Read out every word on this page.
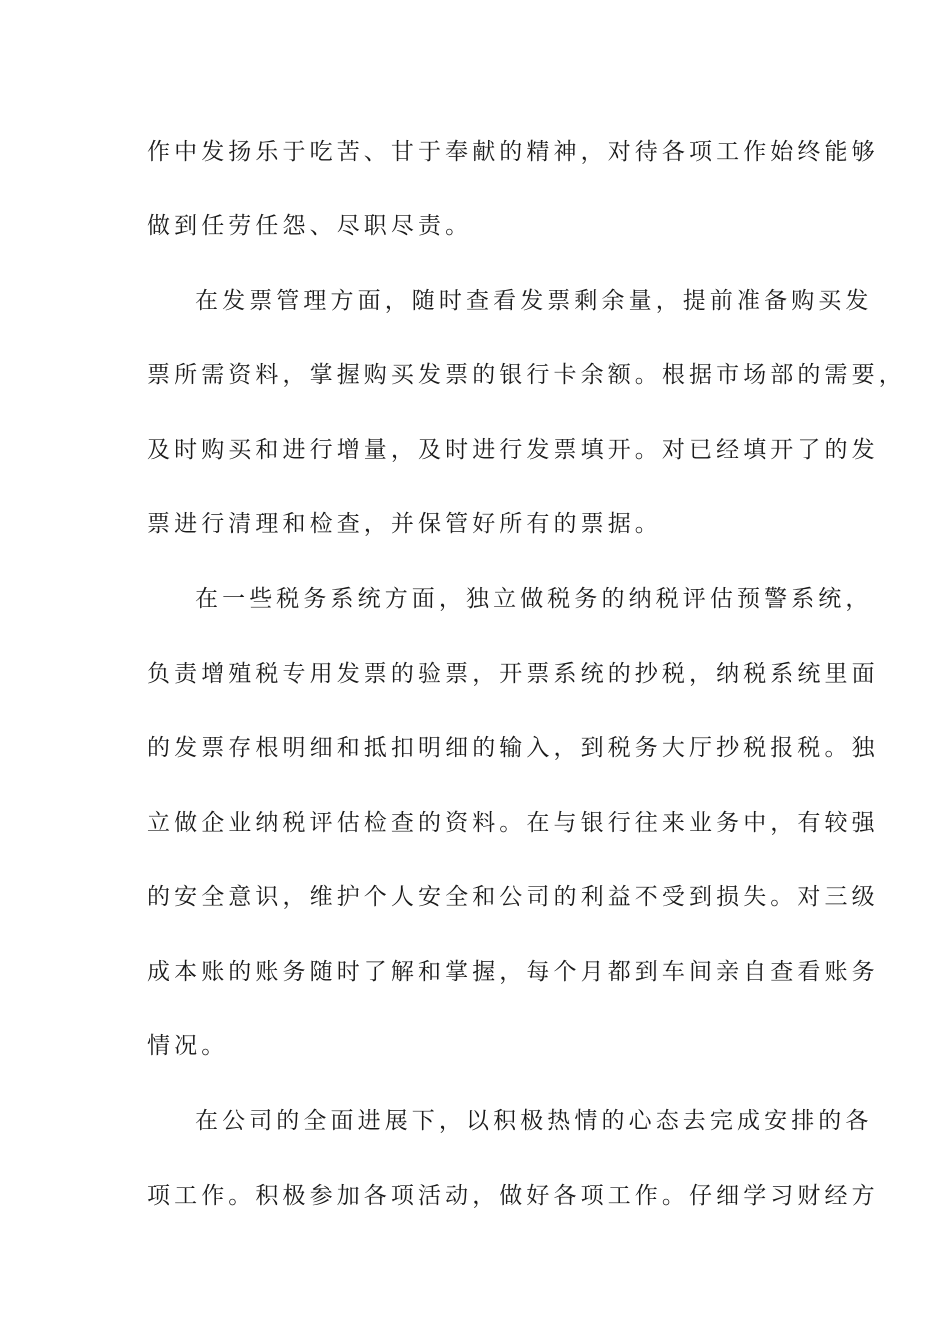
作中发扬乐于吃苦、甘于奉献的精神，对待各项工作始终能够
做到任劳任怨、尽职尽责。
在发票管理方面，随时查看发票剩余量，提前准备购买发
票所需资料，掌握购买发票的银行卡余额。根据市场部的需要，
及时购买和进行增量，及时进行发票填开。对已经填开了的发
票进行清理和检查，并保管好所有的票据。
在一些税务系统方面，独立做税务的纳税评估预警系统，
负责增殖税专用发票的验票，开票系统的抄税，纳税系统里面
的发票存根明细和抵扣明细的输入，到税务大厅抄税报税。独
立做企业纳税评估检查的资料。在与银行往来业务中，有较强
的安全意识，维护个人安全和公司的利益不受到损失。对三级
成本账的账务随时了解和掌握，每个月都到车间亲自查看账务
情况。
在公司的全面进展下，以积极热情的心态去完成安排的各
项工作。积极参加各项活动，做好各项工作。仔细学习财经方
